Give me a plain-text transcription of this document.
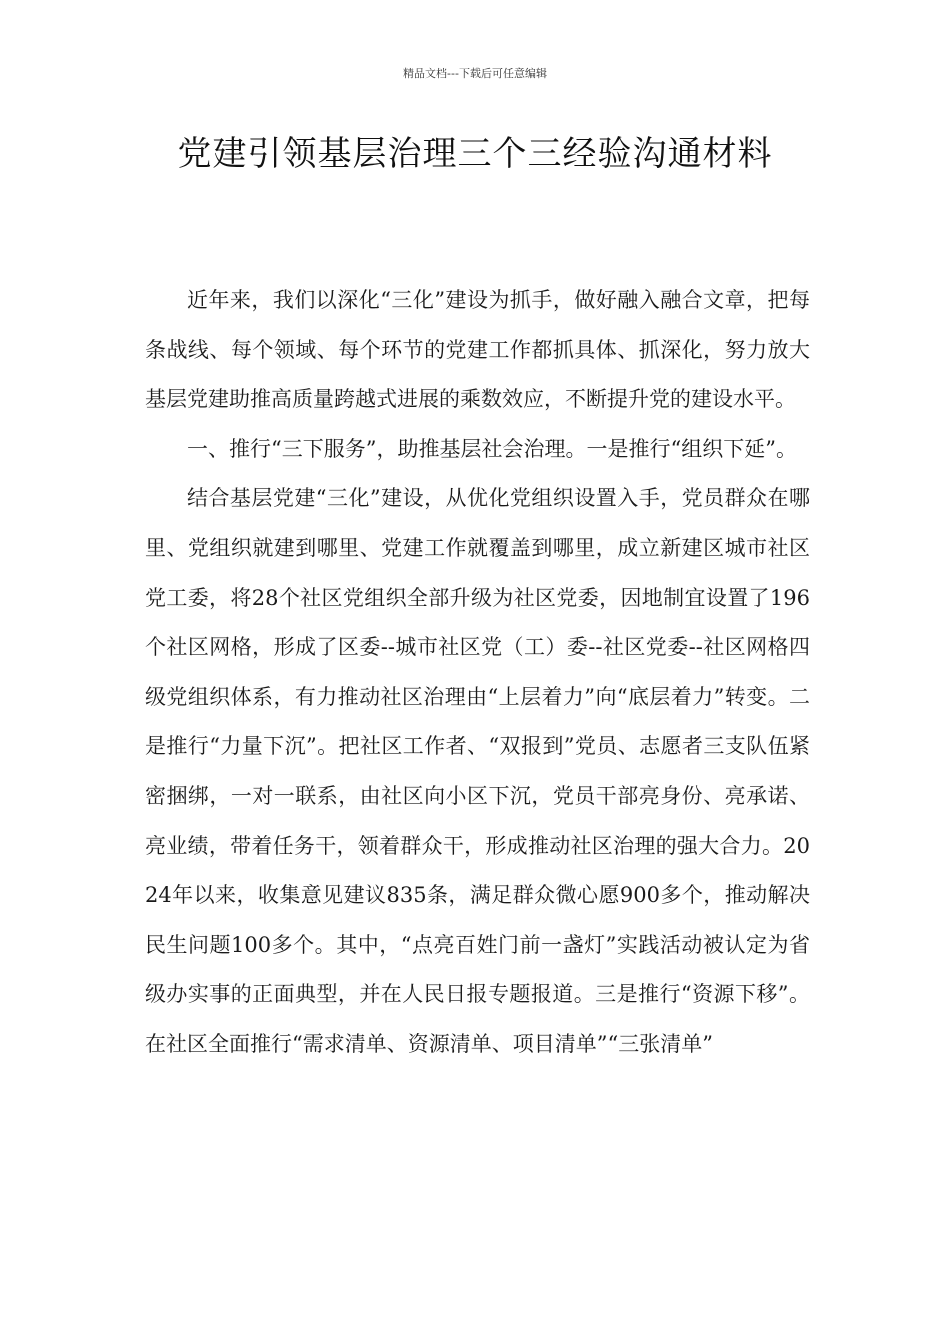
精品文档---下载后可任意编辑
党建引领基层治理三个三经验沟通材料

近年来，我们以深化“三化”建设为抓手，做好融入融合文章，把每条战线、每个领域、每个环节的党建工作都抓具体、抓深化，努力放大基层党建助推高质量跨越式进展的乘数效应，不断提升党的建设水平。

一、推行“三下服务”，助推基层社会治理。一是推行“组织下延”。

结合基层党建“三化”建设，从优化党组织设置入手，党员群众在哪里、党组织就建到哪里、党建工作就覆盖到哪里，成立新建区城市社区党工委，将28个社区党组织全部升级为社区党委，因地制宜设置了196个社区网格，形成了区委--城市社区党（工）委--社区党委--社区网格四级党组织体系，有力推动社区治理由“上层着力”向“底层着力”转变。二是推行“力量下沉”。把社区工作者、“双报到”党员、志愿者三支队伍紧密捆绑，一对一联系，由社区向小区下沉，党员干部亮身份、亮承诺、亮业绩，带着任务干，领着群众干，形成推动社区治理的强大合力。2024年以来，收集意见建议835条，满足群众微心愿900多个，推动解决民生问题100多个。其中，“点亮百姓门前一盏灯”实践活动被认定为省级办实事的正面典型，并在人民日报专题报道。三是推行“资源下移”。在社区全面推行“需求清单、资源清单、项目清单”“三张清单”
